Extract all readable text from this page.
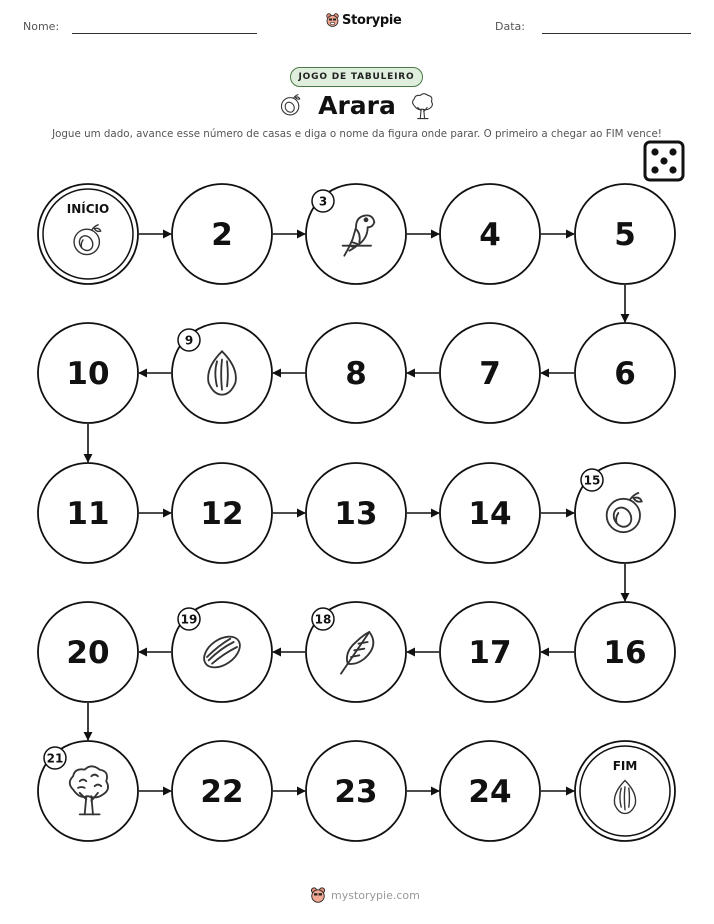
Nome:	Storypie	Data:
JOGO DE TABULEIRO
Arara
Jogue um dado, avance esse número de casas e diga o nome da figura onde parar. O primeiro a chegar ao FIM vence!
INÍCIO
2
3
4	5
6
7
8
9
10
11	12	13	14
15
16
17
18
19
20
21
22	23	24
FIM
mystorypie.com
